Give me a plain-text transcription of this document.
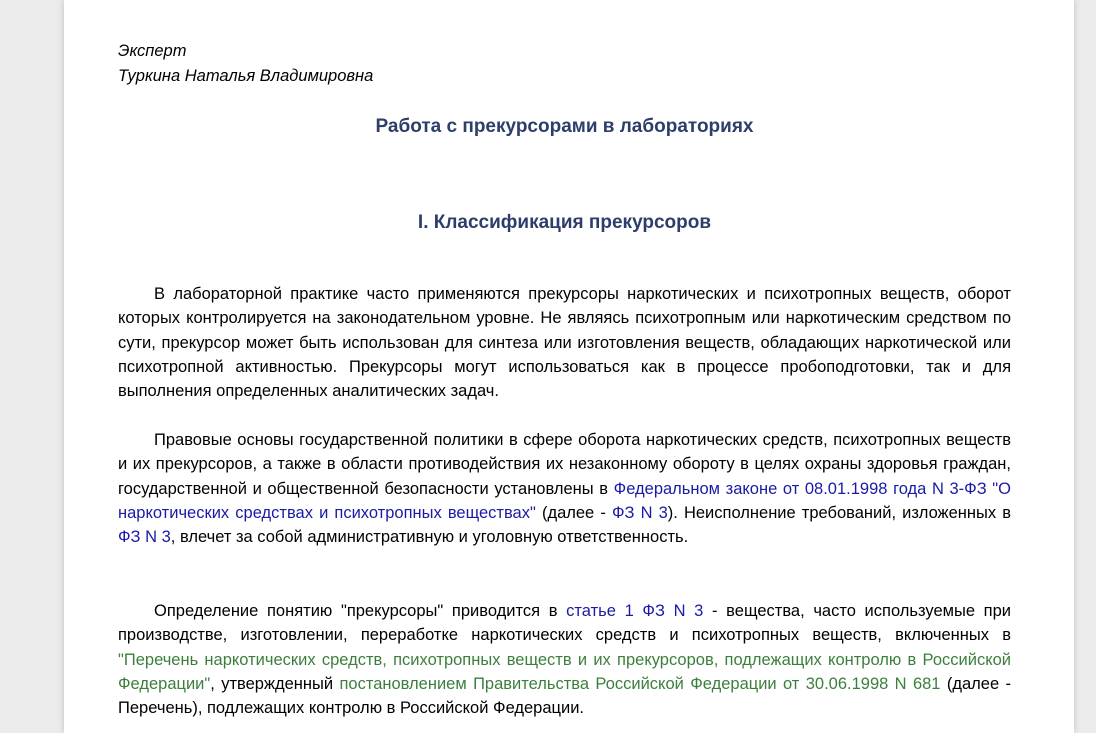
Эксперт
Туркина Наталья Владимировна
Работа с прекурсорами в лабораториях
I. Классификация прекурсоров

В лабораторной практике часто применяются прекурсоры наркотических и психотропных веществ, оборот которых контролируется на законодательном уровне. Не являясь психотропным или наркотическим средством по сути, прекурсор может быть использован для синтеза или изготовления веществ, обладающих наркотической или психотропной активностью. Прекурсоры могут использоваться как в процессе пробоподготовки, так и для выполнения определенных аналитических задач.

Правовые основы государственной политики в сфере оборота наркотических средств, психотропных веществ и их прекурсоров, а также в области противодействия их незаконному обороту в целях охраны здоровья граждан, государственной и общественной безопасности установлены в Федеральном законе от 08.01.1998 года N 3-ФЗ "О наркотических средствах и психотропных веществах" (далее - ФЗ N 3). Неисполнение требований, изложенных в ФЗ N 3, влечет за собой административную и уголовную ответственность.

Определение понятию "прекурсоры" приводится в статье 1 ФЗ N 3 - вещества, часто используемые при производстве, изготовлении, переработке наркотических средств и психотропных веществ, включенных в "Перечень наркотических средств, психотропных веществ и их прекурсоров, подлежащих контролю в Российской Федерации", утвержденный постановлением Правительства Российской Федерации от 30.06.1998 N 681 (далее - Перечень), подлежащих контролю в Российской Федерации.
